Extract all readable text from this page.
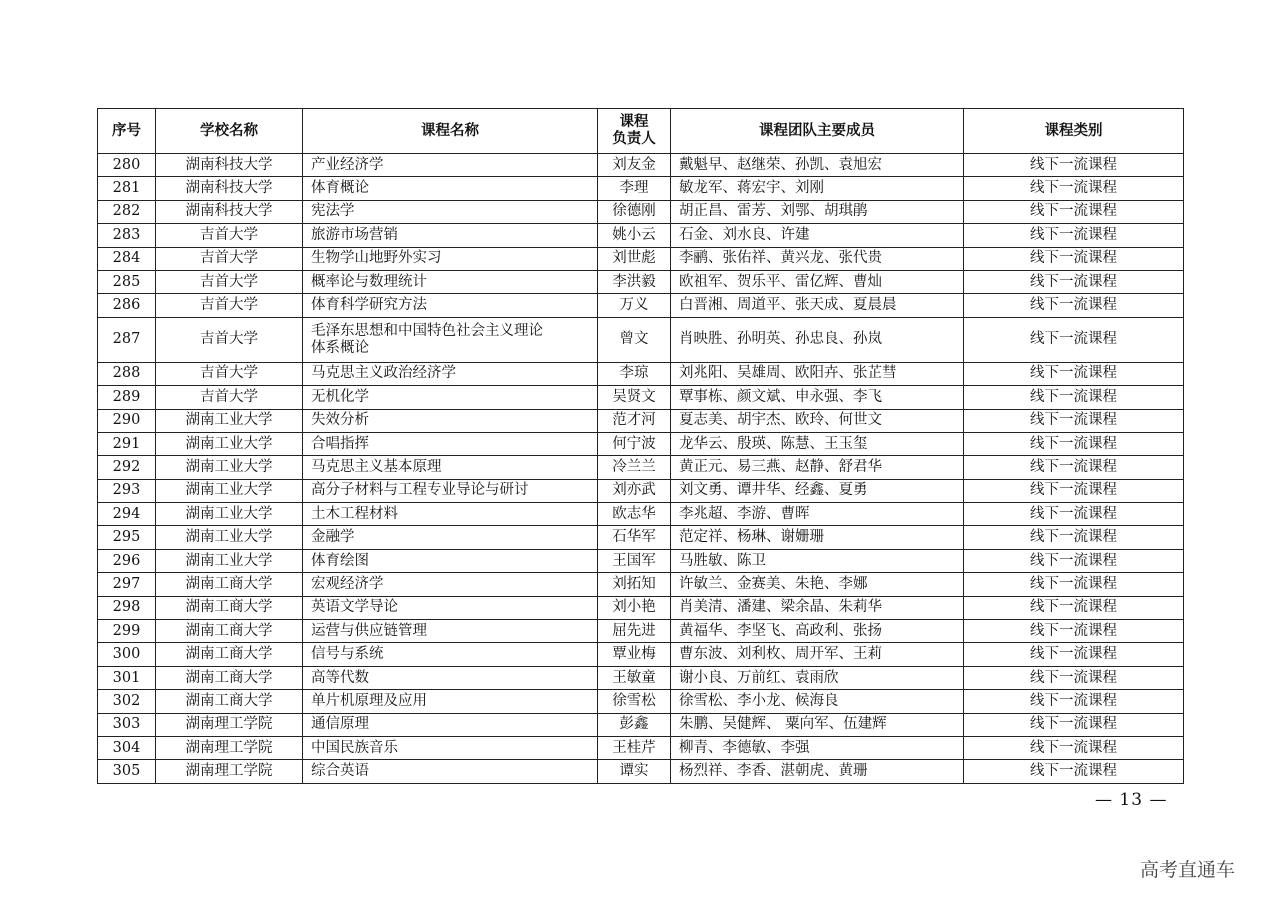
序号	学校名称	课程名称	课程
负责人	课程团队主要成员	课程类别
280	湖南科技大学	产业经济学	刘友金	戴魁早、赵继荣、孙凯、袁旭宏	线下一流课程
281	湖南科技大学	体育概论	李理	敏龙军、蒋宏宇、刘刚	线下一流课程
282	湖南科技大学	宪法学	徐德刚	胡正昌、雷芳、刘鄂、胡琪鹃	线下一流课程
283	吉首大学	旅游市场营销	姚小云	石金、刘水良、许建	线下一流课程
284	吉首大学	生物学山地野外实习	刘世彪	李鹂、张佑祥、黄兴龙、张代贵	线下一流课程
285	吉首大学	概率论与数理统计	李洪毅	欧祖军、贺乐平、雷亿辉、曹灿	线下一流课程
286	吉首大学	体育科学研究方法	万义	白晋湘、周道平、张天成、夏晨晨	线下一流课程
287	吉首大学	毛泽东思想和中国特色社会主义理论
体系概论	曾文	肖映胜、孙明英、孙忠良、孙岚	线下一流课程
288	吉首大学	马克思主义政治经济学	李琼	刘兆阳、吴雄周、欧阳卉、张芷彗	线下一流课程
289	吉首大学	无机化学	吴贤文	覃事栋、颜文斌、申永强、李飞	线下一流课程
290	湖南工业大学	失效分析	范才河	夏志美、胡宇杰、欧玲、何世文	线下一流课程
291	湖南工业大学	合唱指挥	何宁波	龙华云、殷瑛、陈慧、王玉玺	线下一流课程
292	湖南工业大学	马克思主义基本原理	冷兰兰	黄正元、易三燕、赵静、舒君华	线下一流课程
293	湖南工业大学	高分子材料与工程专业导论与研讨	刘亦武	刘文勇、谭井华、经鑫、夏勇	线下一流课程
294	湖南工业大学	土木工程材料	欧志华	李兆超、李游、曹晖	线下一流课程
295	湖南工业大学	金融学	石华军	范定祥、杨琳、谢姗珊	线下一流课程
296	湖南工业大学	体育绘图	王国军	马胜敏、陈卫	线下一流课程
297	湖南工商大学	宏观经济学	刘拓知	许敏兰、金赛美、朱艳、李娜	线下一流课程
298	湖南工商大学	英语文学导论	刘小艳	肖美清、潘建、梁余晶、朱莉华	线下一流课程
299	湖南工商大学	运营与供应链管理	屈先进	黄福华、李坚飞、高政利、张扬	线下一流课程
300	湖南工商大学	信号与系统	覃业梅	曹东波、刘利枚、周开军、王莉	线下一流课程
301	湖南工商大学	高等代数	王敏童	谢小良、万前红、袁雨欣	线下一流课程
302	湖南工商大学	单片机原理及应用	徐雪松	徐雪松、李小龙、候海良	线下一流课程
303	湖南理工学院	通信原理	彭鑫	朱鹏、吴健辉、 粟向军、伍建辉	线下一流课程
304	湖南理工学院	中国民族音乐	王桂芹	柳青、李德敏、李强	线下一流课程
305	湖南理工学院	综合英语	谭实	杨烈祥、李香、湛朝虎、黄珊	线下一流课程
— 13 —
高考直通车
